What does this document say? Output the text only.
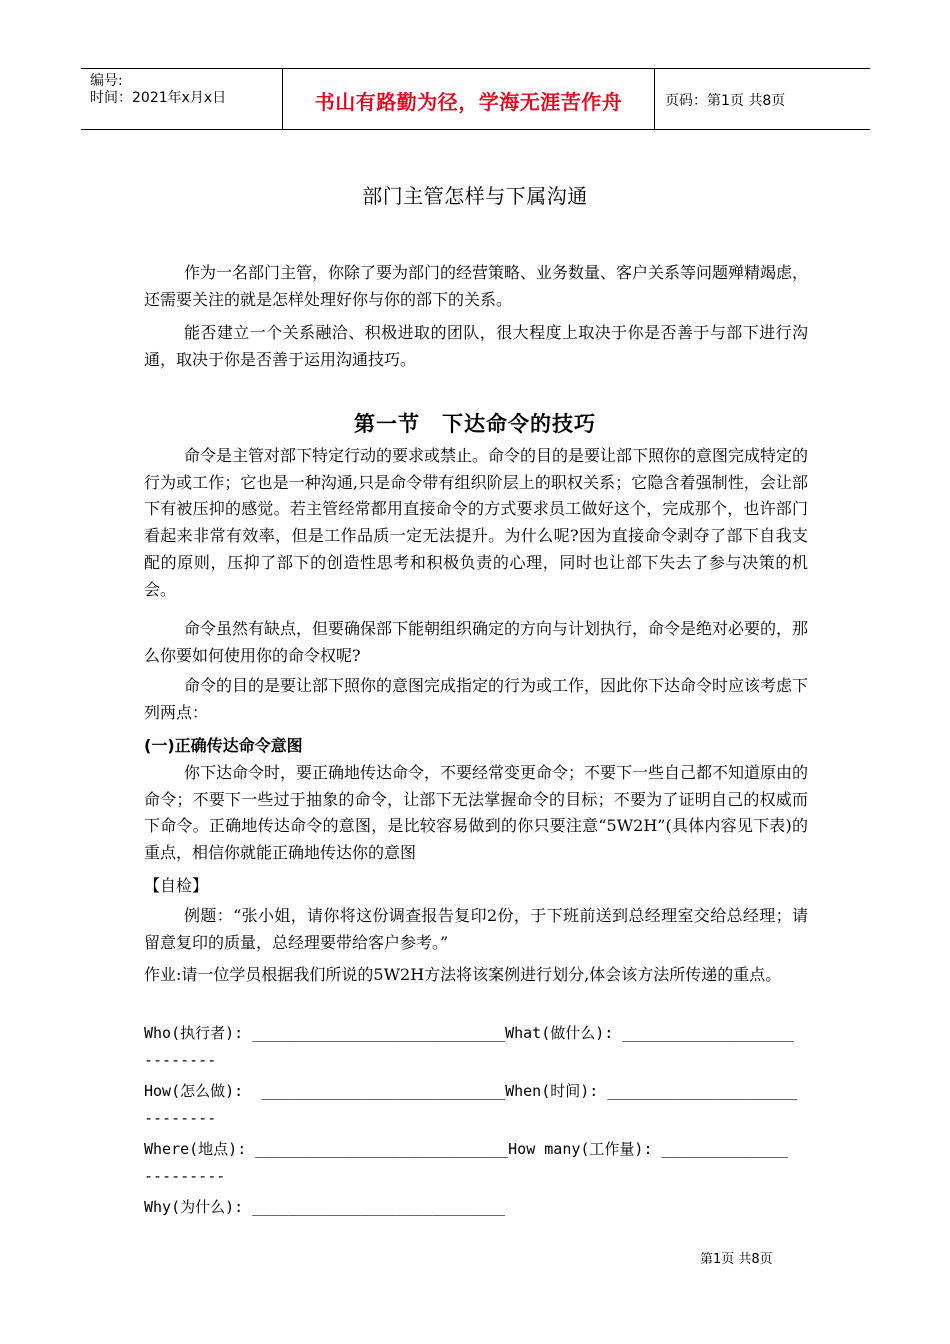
编号:
时间：2021年x月x日	书山有路勤为径，学海无涯苦作舟	页码：第1页 共8页
部门主管怎样与下属沟通

作为一名部门主管，你除了要为部门的经营策略、业务数量、客户关系等问题殚精竭虑，还需要关注的就是怎样处理好你与你的部下的关系。

能否建立一个关系融洽、积极进取的团队，很大程度上取决于你是否善于与部下进行沟通，取决于你是否善于运用沟通技巧。

第一节　下达命令的技巧

命令是主管对部下特定行动的要求或禁止。命令的目的是要让部下照你的意图完成特定的行为或工作；它也是一种沟通,只是命令带有组织阶层上的职权关系；它隐含着强制性，会让部下有被压抑的感觉。若主管经常都用直接命令的方式要求员工做好这个，完成那个，也许部门看起来非常有效率，但是工作品质一定无法提升。为什么呢?因为直接命令剥夺了部下自我支配的原则，压抑了部下的创造性思考和积极负责的心理，同时也让部下失去了参与决策的机会。

命令虽然有缺点，但要确保部下能朝组织确定的方向与计划执行，命令是绝对必要的，那么你要如何使用你的命令权呢?

命令的目的是要让部下照你的意图完成指定的行为或工作，因此你下达命令时应该考虑下列两点：

(一)正确传达命令意图

你下达命令时，要正确地传达命令，不要经常变更命令；不要下一些自己都不知道原由的命令；不要下一些过于抽象的命令，让部下无法掌握命令的目标；不要为了证明自己的权威而下命令。正确地传达命令的意图，是比较容易做到的你只要注意“5W2H”(具体内容见下表)的重点，相信你就能正确地传达你的意图

【自检】

例题：“张小姐，请你将这份调查报告复印2份，于下班前送到总经理室交给总经理；请留意复印的质量，总经理要带给客户参考。”

作业:请一位学员根据我们所说的5W2H方法将该案例进行划分,体会该方法所传递的重点。

Who(执行者): ____________________________What(做什么): ___________________
--------
How(怎么做):  ___________________________When(时间): _____________________
--------
Where(地点): ____________________________How many(工作量): ______________
---------
Why(为什么): ____________________________
第1页 共8页
